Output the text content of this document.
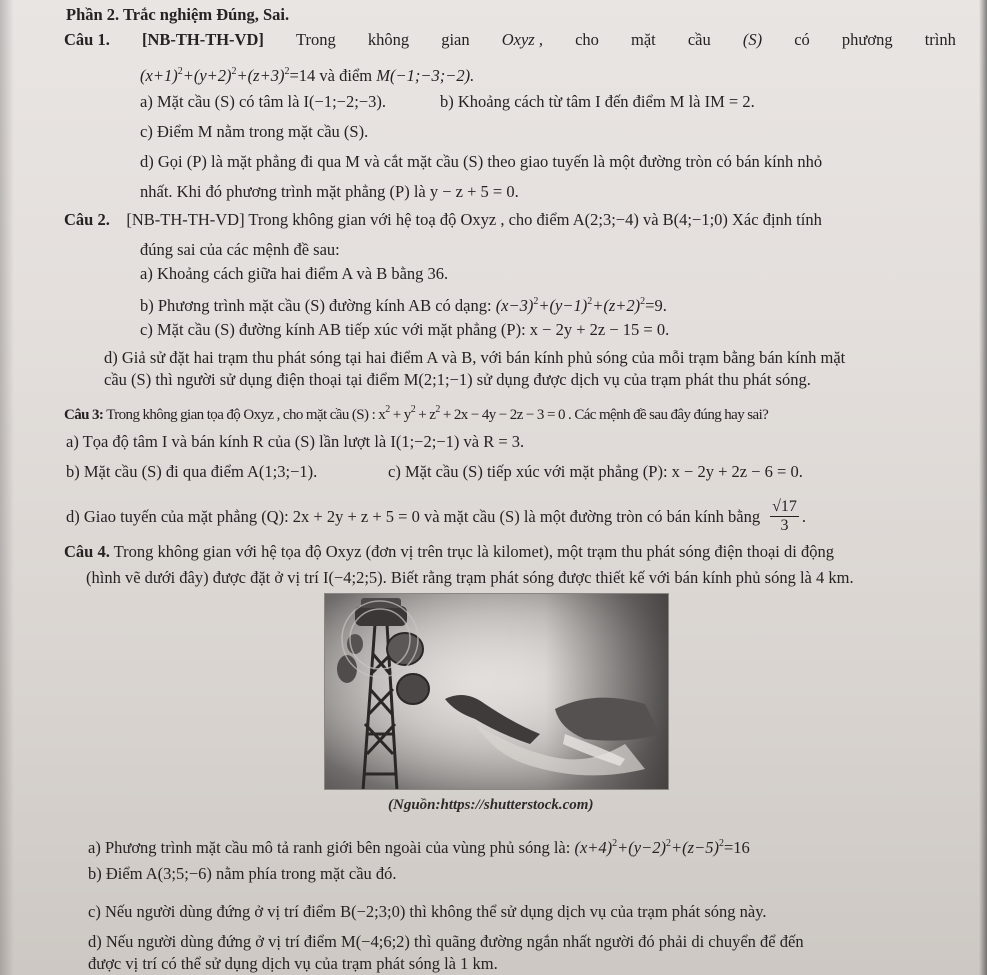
Phần 2. Trắc nghiệm Đúng, Sai.
Câu 1. [NB-TH-TH-VD] Trong không gian Oxyz , cho mặt cầu (S) có phương trình
$(x+1)^2+(y+2)^2+(z+3)^2=14$ và điểm M(−1;−3;−2).
a) Mặt cầu (S) có tâm là I(−1;−2;−3).	b) Khoảng cách từ tâm I đến điểm M là IM = 2.
c) Điểm M nằm trong mặt cầu (S).
d) Gọi (P) là mặt phẳng đi qua M và cắt mặt cầu (S) theo giao tuyến là một đường tròn có bán kính nhỏ
nhất. Khi đó phương trình mặt phẳng (P) là y − z + 5 = 0.
Câu 2. [NB-TH-TH-VD] Trong không gian với hệ toạ độ Oxyz , cho điểm A(2;3;−4) và B(4;−1;0) Xác định tính
đúng sai của các mệnh đề sau:
a) Khoảng cách giữa hai điểm A và B bằng 36.
b) Phương trình mặt cầu (S) đường kính AB có dạng: $(x-3)^2+(y-1)^2+(z+2)^2=9$.
c) Mặt cầu (S) đường kính AB tiếp xúc với mặt phẳng (P): x − 2y + 2z − 15 = 0.
d) Giả sử đặt hai trạm thu phát sóng tại hai điểm A và B, với bán kính phủ sóng của mỗi trạm bằng bán kính mặt
cầu (S) thì người sử dụng điện thoại tại điểm M(2;1;−1) sử dụng được dịch vụ của trạm phát thu phát sóng.
Câu 3: Trong không gian tọa độ Oxyz , cho mặt cầu (S) : $x^2 + y^2 + z^2 + 2x - 4y - 2z - 3 = 0$ . Các mệnh đề sau đây đúng hay sai?
a) Tọa độ tâm I và bán kính R của (S) lần lượt là I(1;−2;−1) và R = 3.
b) Mặt cầu (S) đi qua điểm A(1;3;−1).	c) Mặt cầu (S) tiếp xúc với mặt phẳng (P): x − 2y + 2z − 6 = 0.
d) Giao tuyến của mặt phẳng (Q): 2x + 2y + z + 5 = 0 và mặt cầu (S) là một đường tròn có bán kính bằng $\frac{√17}{3}$ .
Câu 4. Trong không gian với hệ tọa độ Oxyz (đơn vị trên trục là kilomet), một trạm thu phát sóng điện thoại di động
(hình vẽ dưới đây) được đặt ở vị trí I(−4;2;5). Biết rằng trạm phát sóng được thiết kế với bán kính phủ sóng là 4 km.
(Nguồn:https://shutterstock.com)
a) Phương trình mặt cầu mô tả ranh giới bên ngoài của vùng phủ sóng là: $(x+4)^2+(y-2)^2+(z-5)^2=16$
b) Điểm A(3;5;−6) nằm phía trong mặt cầu đó.
c) Nếu người dùng đứng ở vị trí điểm B(−2;3;0) thì không thể sử dụng dịch vụ của trạm phát sóng này.
d) Nếu người dùng đứng ở vị trí điểm M(−4;6;2) thì quãng đường ngắn nhất người đó phải di chuyển để đến
được vị trí có thể sử dụng dịch vụ của trạm phát sóng là 1 km.
